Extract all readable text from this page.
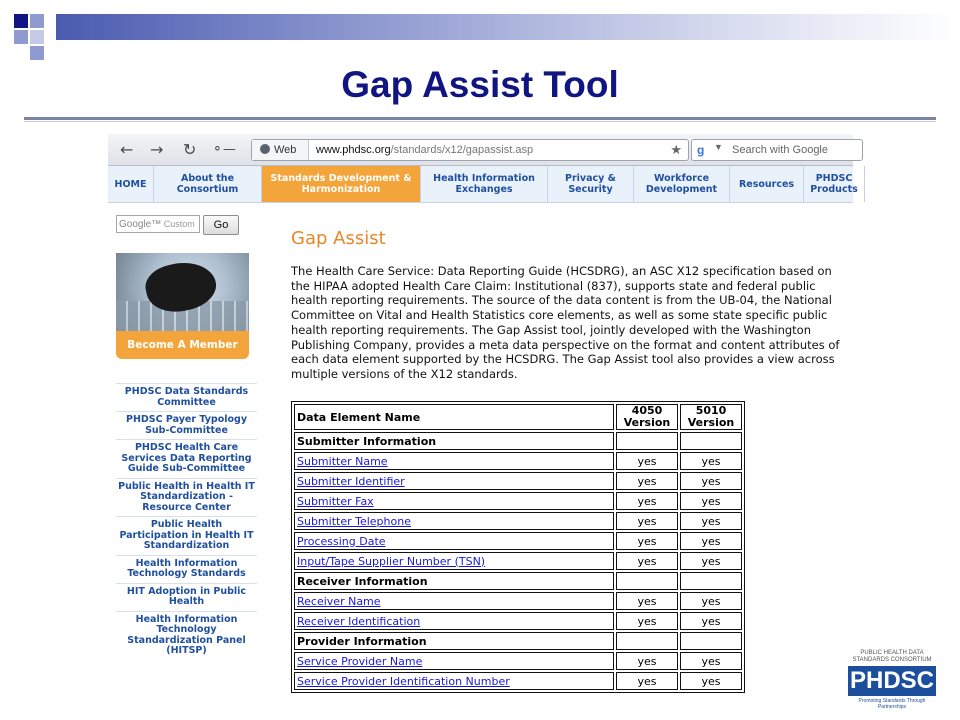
Gap Assist Tool
← → ↻ ⚬—	Web	www.phdsc.org/standards/x12/gapassist.asp	★ g ▼ Search with Google
HOME	About the Consortium
Standards Development & Harmonization
Health Information Exchanges
Privacy & Security
Workforce Development	Resources	PHDSC Products
Google™ Custom	Go
Become A Member
PHDSC Data Standards Committee
PHDSC Payer Typology Sub-Committee
PHDSC Health Care Services Data Reporting Guide Sub-Committee
Public Health in Health IT Standardization - Resource Center
Public Health Participation in Health IT Standardization
Health Information Technology Standards
HIT Adoption in Public Health
Health Information Technology Standardization Panel (HITSP)
Gap Assist
The Health Care Service: Data Reporting Guide (HCSDRG), an ASC X12 specification based on the HIPAA adopted Health Care Claim: Institutional (837), supports state and federal public health reporting requirements. The source of the data content is from the UB-04, the National Committee on Vital and Health Statistics core elements, as well as some state specific public health reporting requirements. The Gap Assist tool, jointly developed with the Washington Publishing Company, provides a meta data perspective on the format and content attributes of each data element supported by the HCSDRG. The Gap Assist tool also provides a view across multiple versions of the X12 standards.
Data Element Name	4050 Version	5010 Version
Submitter Information		
Submitter Name	yes	yes
Submitter Identifier	yes	yes
Submitter Fax	yes	yes
Submitter Telephone	yes	yes
Processing Date	yes	yes
Input/Tape Supplier Number (TSN)	yes	yes
Receiver Information		
Receiver Name	yes	yes
Receiver Identification	yes	yes
Provider Information		
Service Provider Name	yes	yes
Service Provider Identification Number	yes	yes
PUBLIC HEALTH DATA STANDARDS CONSORTIUM
PHDSC
Promoting Standards Through Partnerships
